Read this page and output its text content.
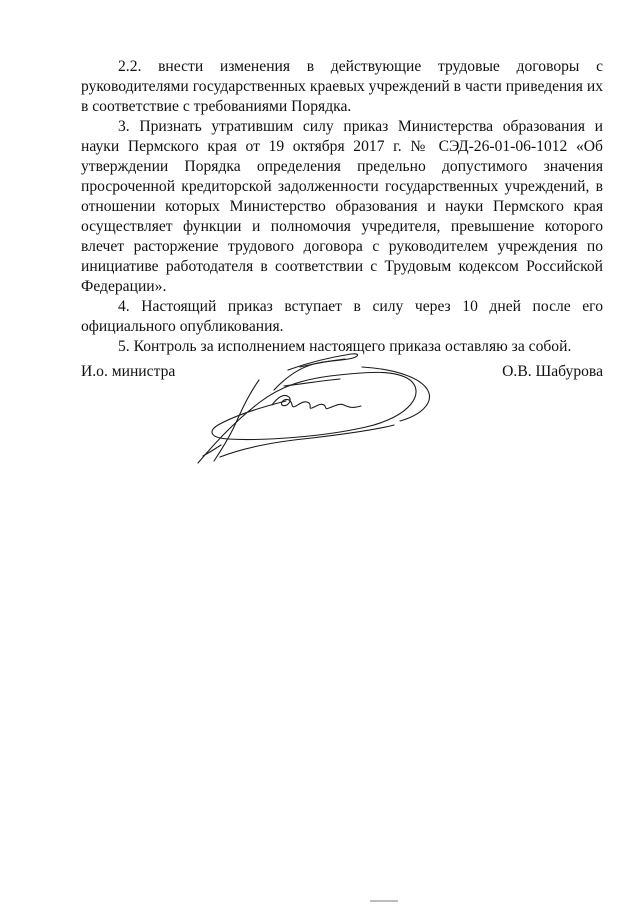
2.2. внести изменения в действующие трудовые договоры с руководителями государственных краевых учреждений в части приведения их в соответствие с требованиями Порядка.

3. Признать утратившим силу приказ Министерства образования и науки Пермского края от 19 октября 2017 г. № СЭД-26-01-06-1012 «Об утверждении Порядка определения предельно допустимого значения просроченной кредиторской задолженности государственных учреждений, в отношении которых Министерство образования и науки Пермского края осуществляет функции и полномочия учредителя, превышение которого влечет расторжение трудового договора с руководителем учреждения по инициативе работодателя в соответствии с Трудовым кодексом Российской Федерации».

4. Настоящий приказ вступает в силу через 10 дней после его официального опубликования.

5. Контроль за исполнением настоящего приказа оставляю за собой.

И.о. министра	О.В. Шабурова
